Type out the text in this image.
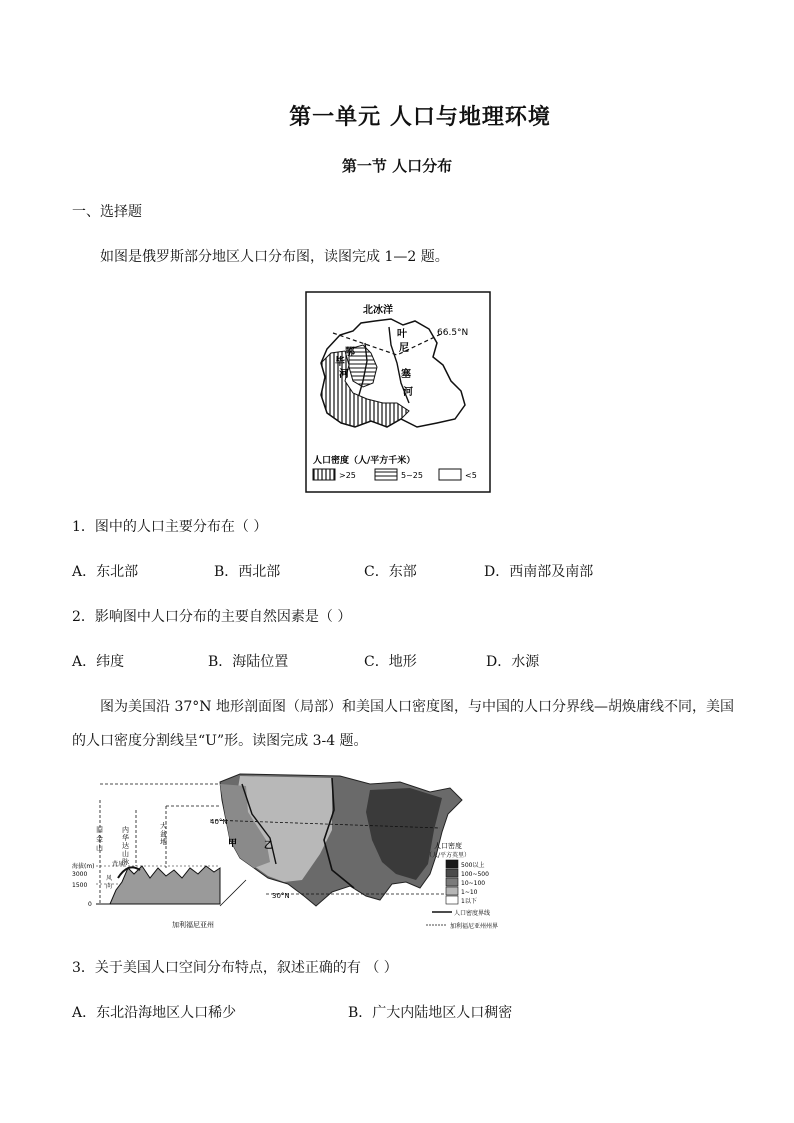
第一单元 人口与地理环境
第一节 人口分布
一、选择题
如图是俄罗斯部分地区人口分布图，读图完成 1—2 题。
北冰洋
66.5°N
叶
尼
塞
河
鄂
毕
河
人口密度（人/平方千米）
>25	5~25	<5
1．图中的人口主要分布在（ ）
A．东北部	B．西北部	C．东部	D．西南部及南部
2．影响图中人口分布的主要自然因素是（ ）
A．纬度	B．海陆位置	C．地形	D．水源
图为美国沿 37°N 地形剖面图（局部）和美国人口密度图，与中国的人口分界线—胡焕庸线不同，美国
的人口密度分割线呈“U”形。读图完成 3-4 题。
40°N
30°N
甲	乙
海拔(m)
3000
1500
0
旧
金
山
内
华
达
山
脉
大
盆
地
背风
风
向
加利福尼亚州
人口密度
（人/平方英里）
500以上
100~500
10~100
1~10
1以下
人口密度界线
加利福尼亚州州界
3．关于美国人口空间分布特点，叙述正确的有 （ ）
A．东北沿海地区人口稀少	B．广大内陆地区人口稠密
